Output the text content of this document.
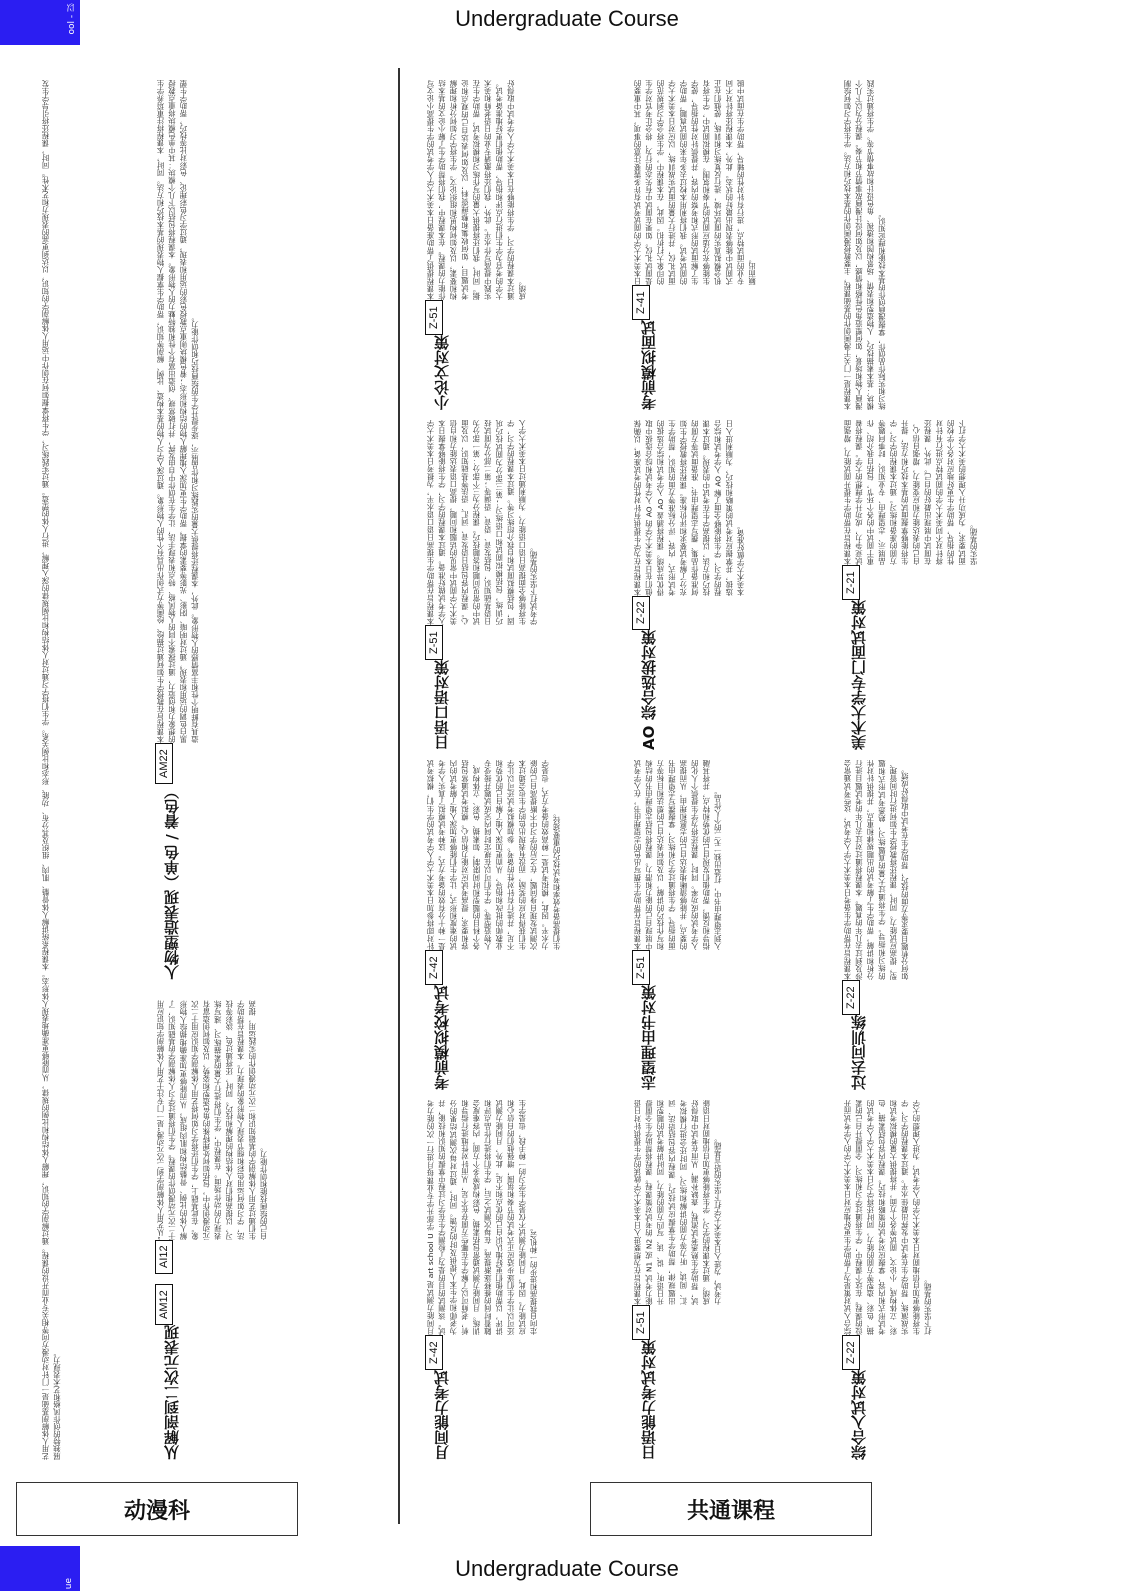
Undergraduate Course
Undergraduate Course
ool - 以
ue
动漫科	共通课程
艺用人体解剖基础是一门针对动漫方向等相关专业而开设的课程。通过解剖学的知识，理解人体结构和比例的规律，从而能够更准确地表现人体形态。本课程系统讲解人体骨骼、肌肉、组织及其分布、功能、形态和比例关系。学生们将学习通过对人体结构和比例规律的深入理解，进行人体的塑造。通过实践练习，学生将掌握如何在创作中运用人体解剖学的知识，以达到更高的表现力和艺术性。同时，课程还将引导学生发展独特的创作风格和艺术表现力。	从解剖到二次元表现
AM12
AI12
“从艺用人体解剖学到二次元动漫”是一门专注于艺用人体解剖学知识应用于二次元动漫创作的课程。学生们将通过学习人体解剖学的基础知识，了解人体的比例、骨骼结构和肌肉组成，从而能够更加准确地描绘人物形象。在此基础上，学生们还将学习如何将艺用人体解剖学知识应用于二次元动漫创作中，包括如何处理特殊的角色造型和姿势，以及如何创造富有表现力的动作场面。在课程中，学生们将进行大量的素描练习、速写练习，以提高他们对人体结构的理解和技巧。同时，还将通过色、淡彩等技法，学习如何运用色彩和细节表现人物形象的表现力。本课程旨在帮助学生们通过艺用人体解剖学的基础知识和二次元动漫创作的实践运用，提高自己的绘画技能和创作能力。
人物塑造表现（单色 / 着色）
AM22
本课程旨在教授学生如何通过描绘、绘画等方式创作出具有个性的人物形象。通过深入学习人物的基本构造、比例、解剖等知识，帮助学生掌握人物表现的基本技巧和方法。同时，本课程将注重培养学生的想象力和创造力，通过探索不同的人物风格、特点和表现手法，让学生在创作中自由发挥，并打破常规、创造出富有个性和独特魅力的人物形象。本课程将包括以下几个模块：其中单色模块将重点教授黑白色调的运用和表现，通过对明暗、阴影、光影等要素的掌握，帮助学生更加深入地理解人物的结构和形态；着色模块则重点教授色彩的运用和表现，通过学习色彩理论、色彩对比等技巧，帮助学生塑造具有鲜明个性和丰富情感的人物形象。此外，本课程还将提供大量的实践练习和作品展示，逐步提升学生的绘画技巧和创作能力。
月间能力考试
Z-42
月间能力测试是 art school U 学部升学专业课每月进行一次的能力考试。该测试的目的是为了检测学生在学习过程中掌握的知识和技能，并为老师和学生本人提供及时的反馈。同时，通过对每次测试结果的分析，老师可以了解学生在哪些方面存在不足，从而针对性地进行指导和训练。月间能力测试通常包括素描、色彩构成等多个方面，内容难度会随着时间的推移逐渐提高。在每次测试之后，学生们将进行作品点评和讲评，以帮助他们更好地认识自己的优点和不足。此外，月间能力测试还可以让学生们逐步适应正式考试的节奏和氛围，增强他们的自信心和应试能力。因此，月间能力测试不仅是学生学习的一种手段，也是学生走向自我提高和进步的一种机会。
考前模拟校考试
Z-42
针对即将参加日本美术大学入学考试的学生们，模拟考试是一种十分有效的备考方式。这种考试模拟了真实入学考试的难度和形式，让学生们能够更加深入地了解考试的内容和要求，提高考试应对能力和信心。模拟考试通常包括各个科目的题型和时间限制，如素描、色彩、立体构成、人物造型等。学生们可以在规定时间内完成试题并接受专业教师的批改和指导，从而更加深入地了解自己的优势和不足，并进行有针对性的备考。参加模拟考试还可以让学生们获得对应的奖励，而没有表现出色的学生也会通过本次测试发现自身问题，在之后的学习中不断提高自己的能力水平。因此，模拟考试是一种高效的备考方式，也是学生们提高备考效率和考试技巧的重要途径。
日语口语对策
Z-51
本课程旨在帮助学生提高日语口语水平，为报考日本美术大学入学考试做好准备。通过本课程的学习，学生将能够掌握日本美术大学面试中常见的话题和问题，提高口语表达能力和自信心。课程内容包括日语发音、词汇、语法等基础知识，以及面试中的常见问题和答题技巧。课程分为三个部分：第一部分为日语基础知识，包括发音、语音、语调等；第二部分为面试技巧训练，包括模拟面试和口语练习；第三部分为面试技巧巩固，包括模拟面试和自我介绍练习等。通过本课程的学习，学生将能够全面提高日语口语能力，为顺利通过日本美术大学入学考试打下坚实的基础。
小论文对策
Z-51
本课程提供了帮助准备日本美术大学入学考试的学生提高小论文写作能力的课程。在本课程中，我们将帮助学生了解小论文的基本结构和要素，以及如何构思和组织论文。学生将学习如何分析和理解考试题目，如何收集和整理资料，以及如何表达自己的观点和论据。同时，我们还将提供大量的写作练习和模拟考试，帮助学生在实践中提高写作水平。此外，我们还将邀请专业的日语老师和美术大学的考官为学生们进行点评和指导，帮助他们更好地准备考试。通过本课程的学习，学生将能够在日本美术大学入学考试中取得好成绩。
日语能力考试对策
Z-51
本课程旨在为想要进入日本美术大学就读的学生提供针对日语能力考试 N1 或 N2 的考试对策课程。课程将帮助学生全面提升日语听、说、读、写四方面的能力，同时讲解考试的题型和出题规律，帮助学生掌握应试技巧。课程内容包括语法、词汇、阅读、听力等方面的讲解和练习，同时还会进行模拟考试，帮助学生熟悉考试流程，查缺补漏，从而在考试中取得好成绩。通过本课程的学习，学生将能够更加自信地面对日语能力考试，为进入日本美术大学打下坚实的语言基础。
志望理由书对策
Z-51
本课程旨在帮助学生撰写出色的志望理由书，在入学考试中展现自己的能力和潜力。课程将包括志望理由书的结构和写作技巧的讲解，以及如何表达自己的想法和目标等方面的指导。学生将通过学习和练习，掌握撰写志望理由书的要点，并能够清晰地表达自己的志愿和理由，从而提高入学考试的成功率。同时，课程还将为学生提供个人化的指导和反馈，帮助他们发现自己的优势和特点，并将其融入到志望理由书中，打造出独一无二的个人作品。
AO 综合选拔对策
Z-22
本课程旨在为学生提供有针对性的考试准备，以确保他们在日本美术大学的 AO 入学考试和综合选拔中取得优异成绩。课程将涵盖 AO 入学考试和综合选拔的考试形式、内容、评分标准等方面的知识，帮助学生充分了解考试要求和评价标准。课程还将教授学生如何准备作品集、撰写志望理由书、准备面试等方面的技巧和方法，以提高学生在考试中的表现。通过本课程的学习，学生将能够全面了解 AO 入学考试和综合选拔，并掌握应对考试的策略和技巧，为顺利进入日本美术大学做好准备。
考前模拟面试
Z-41
日本美术大学的面试考试有许多需要注意的事项，其中重要的是面试礼仪。如果在面试中有失态的行为，将会让考官对学生的印象大打折扣。因此，在本课程中，学生将会学习到规范的面试礼仪，并进行大量的面试实战训练，以应对日本美术大学的面试考试。我们将利用本校过去多年来的面试真题，帮助学生了解面试的形式和考察的内容，并提供针对性的指导，使学生能够充分适应面试的节奏和氛围。在模拟面试中，学生将有机会模拟真实的面试环境，进行反复练习和训练，使他们在正式面试中能够表现出最好的状态。此外，本课程还将针对不同专业的面试特点，进行有针对性的辅导，帮助学生在面试中脱颖而出。
综合入试对策
Z-22
综合入试对策是为了帮助学生更好地应对日本美术大学的入学考试而开设的课程。在这个课程中，学生将通过学习和练习，全面提升自己的素描、色彩、造型等方面的能力，同时还将学习日本美术大学入学考试的考试形式和内容，掌握应对考试的策略和技巧。课程内容包括素描、色彩、立体构成、小论文、面试等各个方面，并将提供大量的模拟考试和实战演练，帮助学生在考试中发挥出最佳水平。通过本课程的学习，学生将能够更加自信地面对日本美术大学的入学考试，为进入理想的大学打下坚实的基础。
过去问训练
Z-22
本课程旨在帮助学生备考日本美术大学入学考试，这些考试通常会涉及到过去几年的真题。本课程将通过对过去几年的考试题目进行分析和讲解，帮助学生了解考试的出题规律和重点，并提供针对性的练习和指导。学生将通过大量的真题练习，熟悉考试形式和题型，提高应试能力。同时，课程还将教授学生如何进行时间管理、如何分析题目要求等方面的技巧，帮助学生在考试中取得好成绩。
美术大学专门面试对策
Z-21
本课程旨在帮助学生提升面试能力，增强面试竞争力，成功升学理想的大学。课程将着重于面试中的各个环节，包括自我介绍、作品展示、志望理由、专业知识、时事问题等方面的准备和练习。通过本课程的学习，学生将能够掌握面试的基本技巧和方法，提升自己的表达能力和应变能力，增强自信心，在面试中展现出最好的自己。此外，课程还将针对不同美术大学的面试特点进行有针对性的指导，帮助学生更好地应对各个学校的面试要求，为成功升入理想的美术大学打下坚实的基础。
本课程是一门关于漫画创作的基础课程，主要教授漫画创作的基本技巧和方法。学生将学习如何绘制漫画人物和场景，如何塑造角色性格和情感，以及如何设计漫画故事情节和节奏。课程分为以下几个模块：基本素描技巧、人物造型和表情、场景构图和透视、角色设计和故事情节等。学生将通过实践练习和实际作品创作，掌握漫画创作的基本技能和理论知识。
